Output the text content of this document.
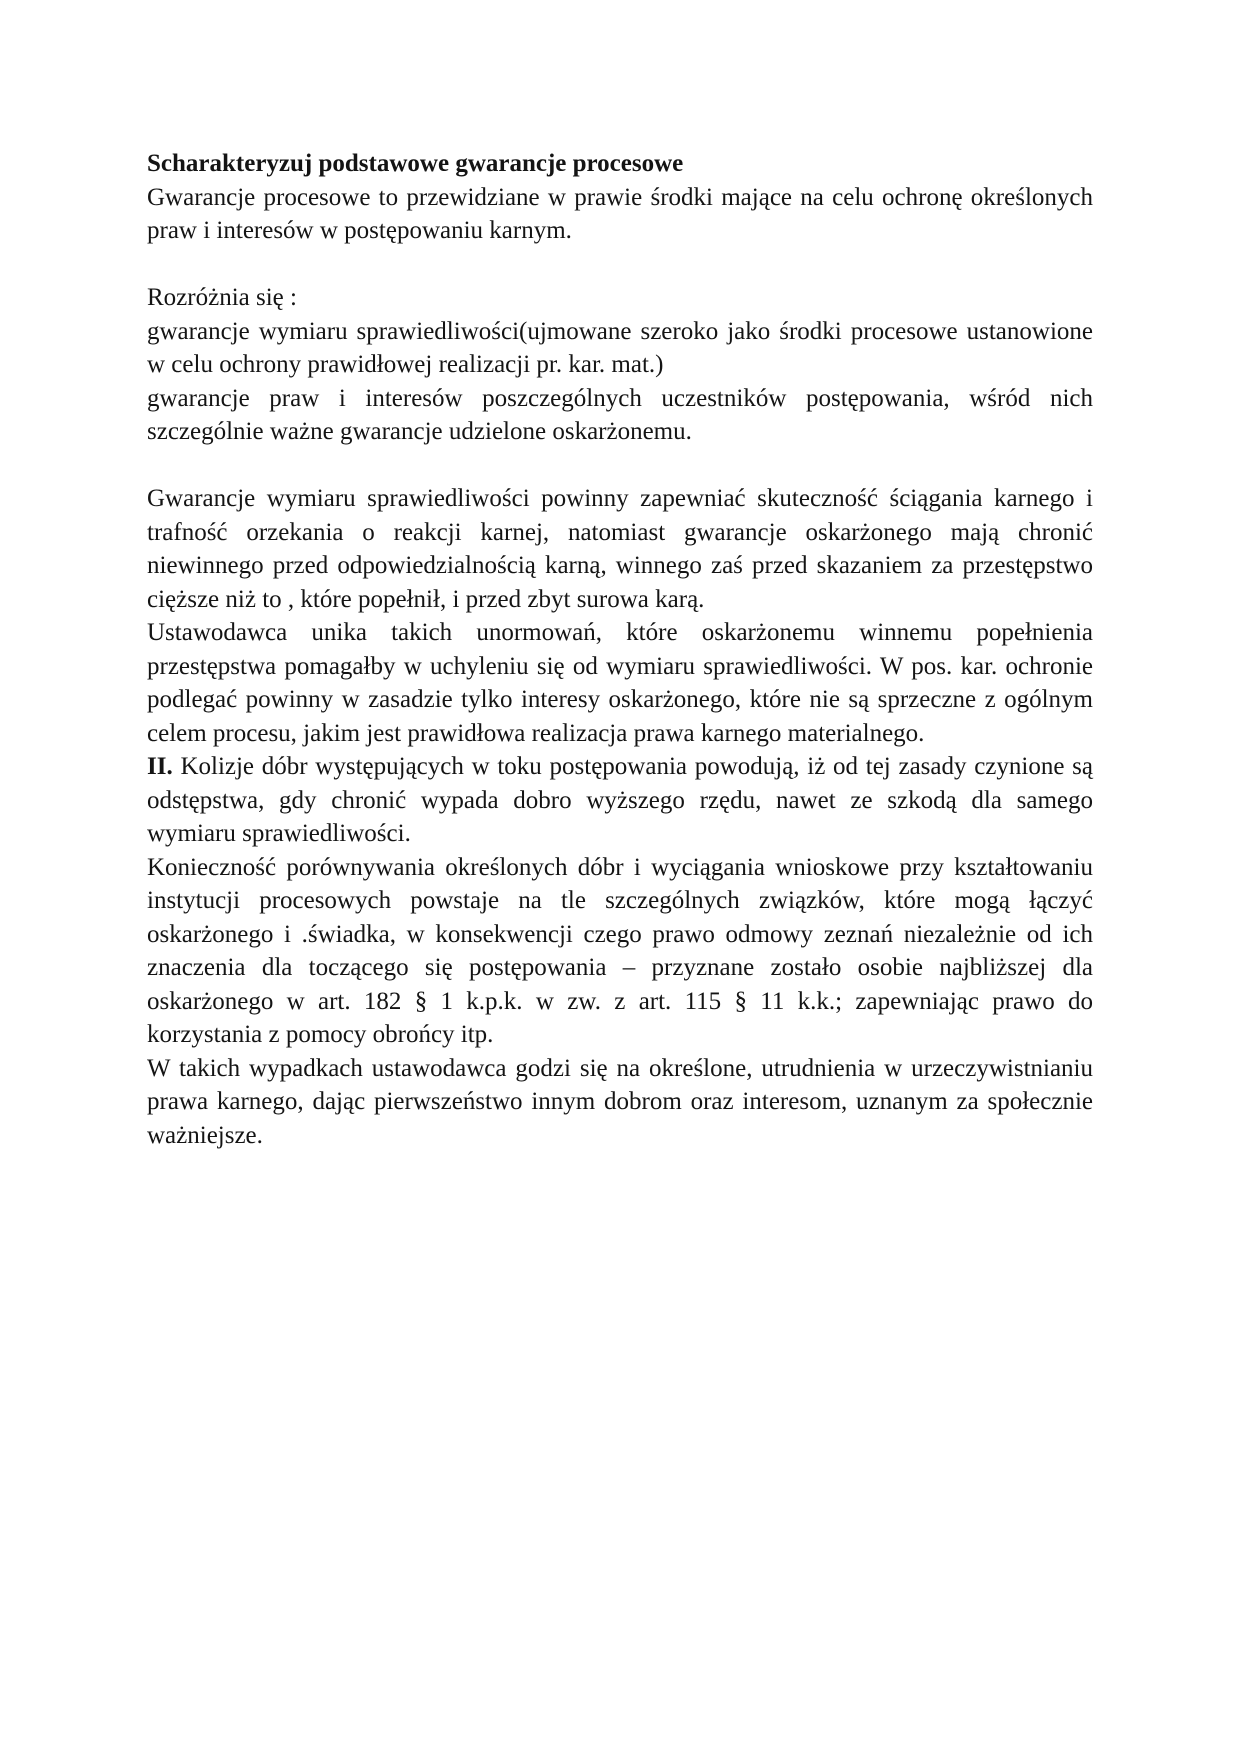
Scharakteryzuj podstawowe gwarancje procesowe

Gwarancje procesowe to przewidziane w prawie środki mające na celu ochronę określonych praw i interesów w postępowaniu karnym.

Rozróżnia się :

gwarancje wymiaru sprawiedliwości(ujmowane szeroko jako środki procesowe ustanowione w celu ochrony prawidłowej realizacji pr. kar. mat.)

gwarancje praw i interesów poszczególnych uczestników postępowania, wśród nich szczególnie ważne gwarancje udzielone oskarżonemu.

Gwarancje wymiaru sprawiedliwości powinny zapewniać skuteczność ściągania karnego i trafność orzekania o reakcji karnej, natomiast gwarancje oskarżonego mają chronić niewinnego przed odpowiedzialnością karną, winnego zaś przed skazaniem za przestępstwo cięższe niż to , które popełnił, i przed zbyt surowa karą.

Ustawodawca unika takich unormowań, które oskarżonemu winnemu popełnienia przestępstwa pomagałby w uchyleniu się od wymiaru sprawiedliwości. W pos. kar. ochronie podlegać powinny w zasadzie tylko interesy oskarżonego, które nie są sprzeczne z ogólnym celem procesu, jakim jest prawidłowa realizacja prawa karnego materialnego.

II. Kolizje dóbr występujących w toku postępowania powodują, iż od tej zasady czynione są odstępstwa, gdy chronić wypada dobro wyższego rzędu, nawet ze szkodą dla samego wymiaru sprawiedliwości.

Konieczność porównywania określonych dóbr i wyciągania wnioskowe przy kształtowaniu instytucji procesowych powstaje na tle szczególnych związków, które mogą łączyć oskarżonego i .świadka, w konsekwencji czego prawo odmowy zeznań niezależnie od ich znaczenia dla toczącego się postępowania – przyznane zostało osobie najbliższej dla oskarżonego w art. 182 § 1 k.p.k. w zw. z art. 115 § 11 k.k.; zapewniając prawo do korzystania z pomocy obrońcy itp.

W takich wypadkach ustawodawca godzi się na określone, utrudnienia w urzeczywistnianiu prawa karnego, dając pierwszeństwo innym dobrom oraz interesom, uznanym za społecznie ważniejsze.
